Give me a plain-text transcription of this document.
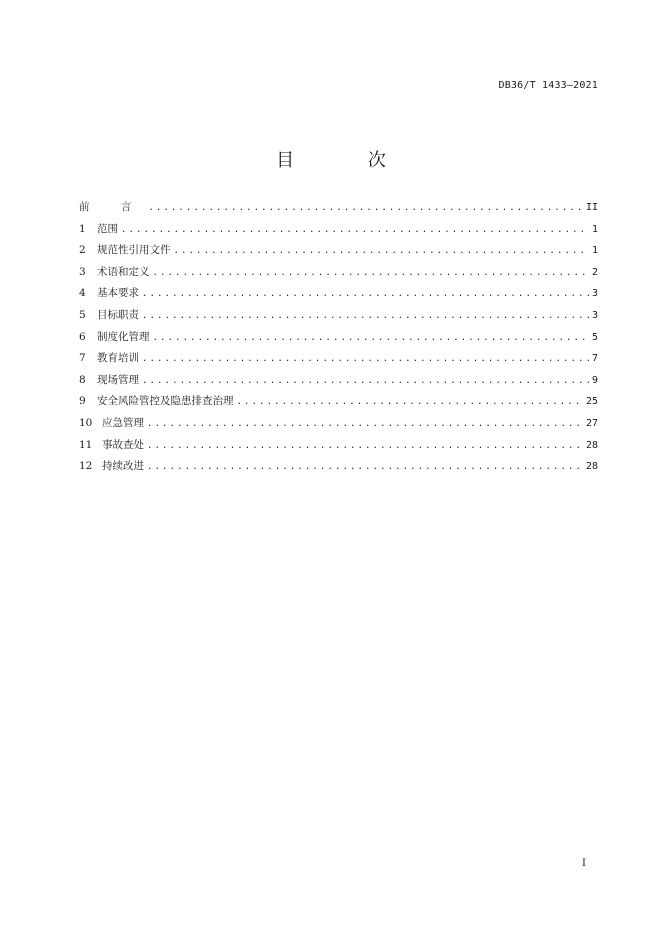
DB36/T 1433—2021
目 次
前 言 .....	II
1	范围 .....	1
2	规范性引用文件 .....	1
3	术语和定义 .....	2
4	基本要求 .....	3
5	目标职责 .....	3
6	制度化管理 .....	5
7	教育培训 .....	7
8	现场管理 .....	9
9	安全风险管控及隐患排查治理 .....	25
10 应急管理 .....	27
11 事故查处 .....	28
12 持续改进 .....	28
I
